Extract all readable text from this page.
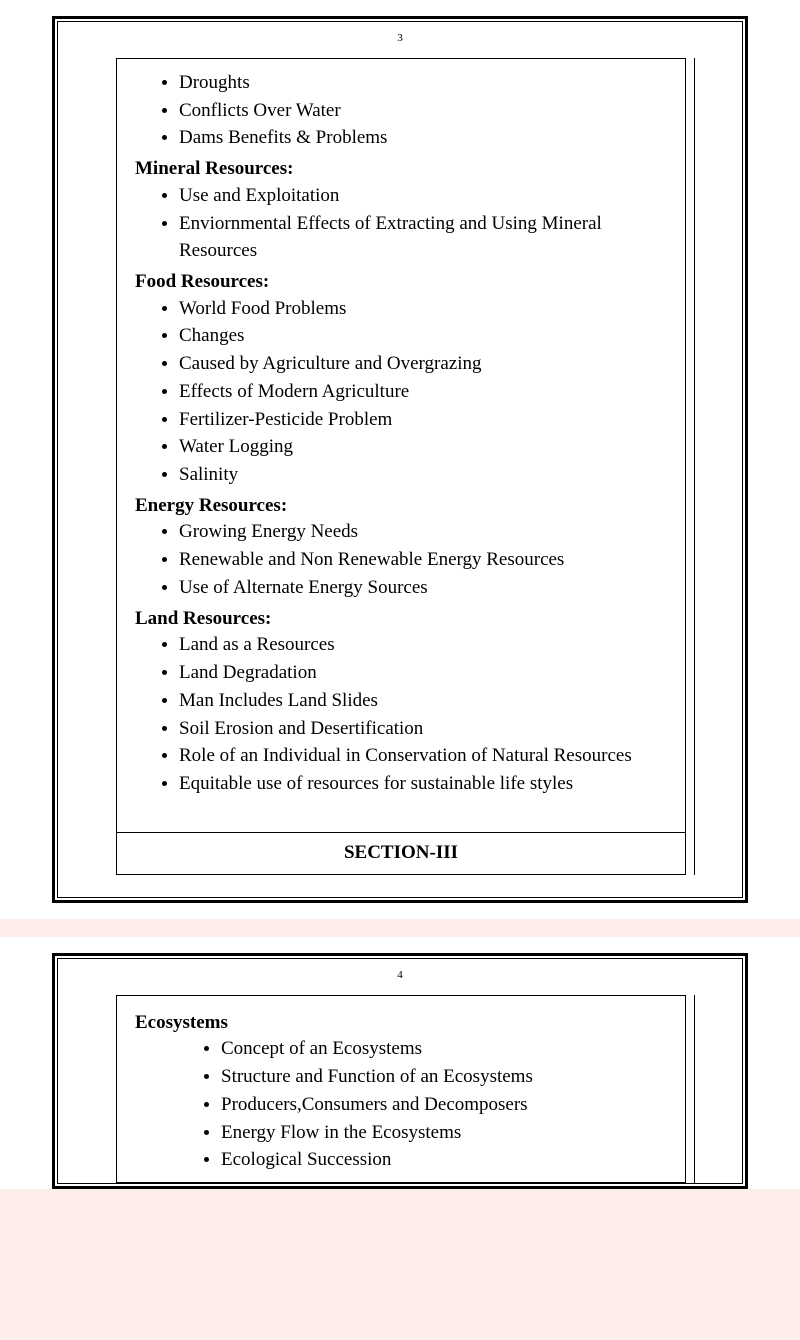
3
• Droughts
• Conflicts Over Water
• Dams Benefits & Problems
Mineral Resources:
• Use and Exploitation
• Enviornmental Effects of Extracting and Using Mineral Resources
Food Resources:
• World Food Problems
• Changes
• Caused by Agriculture and Overgrazing
• Effects of Modern Agriculture
• Fertilizer-Pesticide Problem
• Water Logging
• Salinity
Energy Resources:
• Growing Energy Needs
• Renewable and Non Renewable Energy Resources
• Use of Alternate Energy Sources
Land Resources:
• Land as a Resources
• Land Degradation
• Man Includes Land Slides
• Soil Erosion and Desertification
• Role of an Individual in Conservation of Natural Resources
• Equitable use of resources for sustainable life styles
SECTION-III
4
Ecosystems
• Concept of an Ecosystems
• Structure and Function of an Ecosystems
• Producers,Consumers and Decomposers
• Energy Flow in the Ecosystems
• Ecological Succession
